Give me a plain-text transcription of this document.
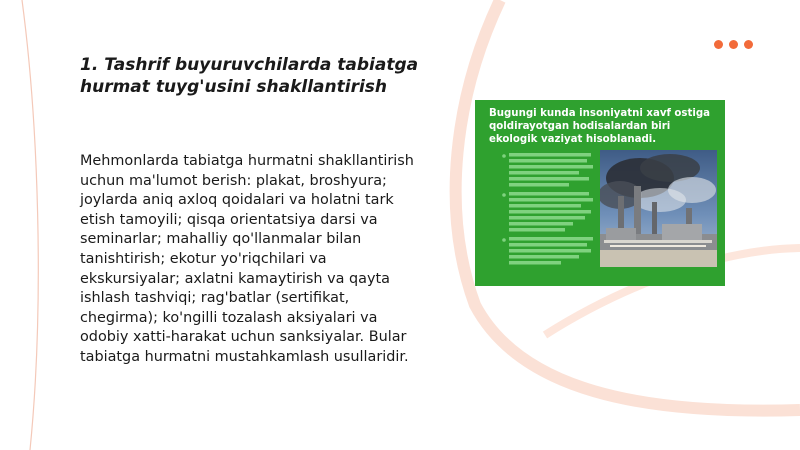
1. Tashrif buyuruvchilarda tabiatga hurmat tuyg'usini shakllantirish
Mehmonlarda tabiatga hurmatni shakllantirish uchun ma'lumot berish: plakat, broshyura; joylarda aniq axloq qoidalari va holatni tark etish tamoyili; qisqa orientatsiya darsi va seminarlar; mahalliy qo'llanmalar bilan tanishtirish; ekotur yo'riqchilari va ekskursiyalar; axlatni kamaytirish va qayta ishlash tashviqi; rag'batlar (sertifikat, chegirma); ko'ngilli tozalash aksiyalari va odobiy xatti-harakat uchun sanksiyalar. Bular tabiatga hurmatni mustahkamlash usullaridir.
Bugungi kunda insoniyatni xavf ostiga qoldirayotgan hodisalardan biri ekologik vaziyat hisoblanadi.
